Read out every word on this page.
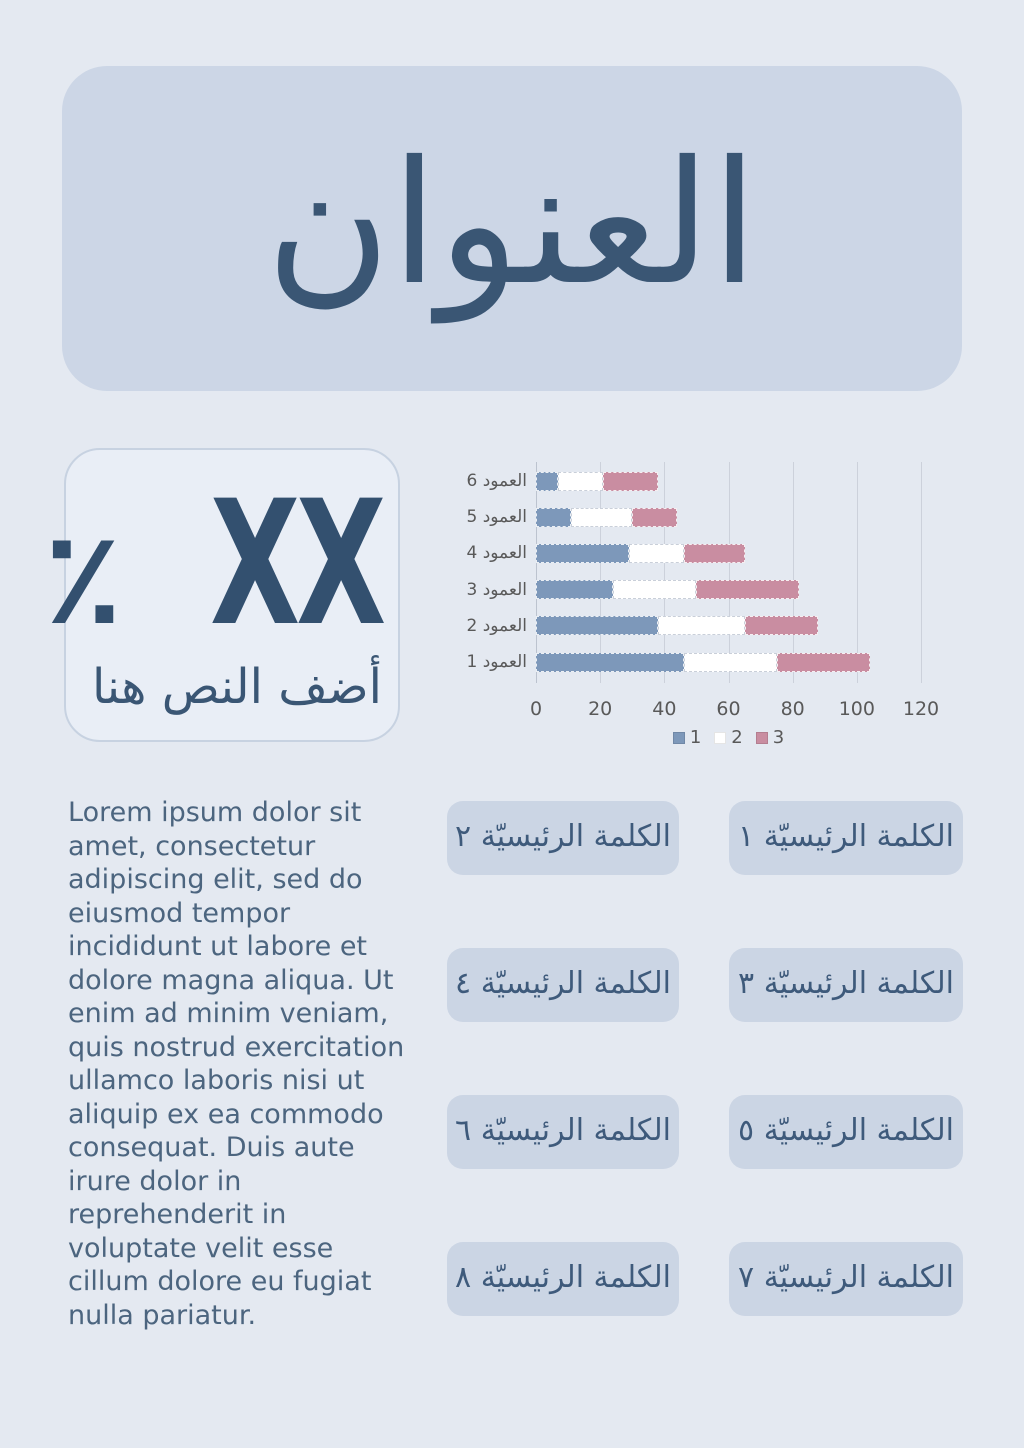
العنوان
٪ XX
أضف النص هنا	0	20	40	60	80	100 120
العمود 6
العمود 5
العمود 4
العمود 3
العمود 2
العمود 1
1 2 3

Lorem ipsum dolor sit amet, consectetur adipiscing elit, sed do eiusmod tempor incididunt ut labore et dolore magna aliqua. Ut enim ad minim veniam, quis nostrud exercitation ullamco laboris nisi ut aliquip ex ea commodo consequat. Duis aute irure dolor in reprehenderit in voluptate velit esse cillum dolore eu fugiat nulla pariatur.

الكلمة الرئيسيّة ١
الكلمة الرئيسيّة ٢
الكلمة الرئيسيّة ٣
الكلمة الرئيسيّة ٤
الكلمة الرئيسيّة ٥
الكلمة الرئيسيّة ٦
الكلمة الرئيسيّة ٧
الكلمة الرئيسيّة ٨
